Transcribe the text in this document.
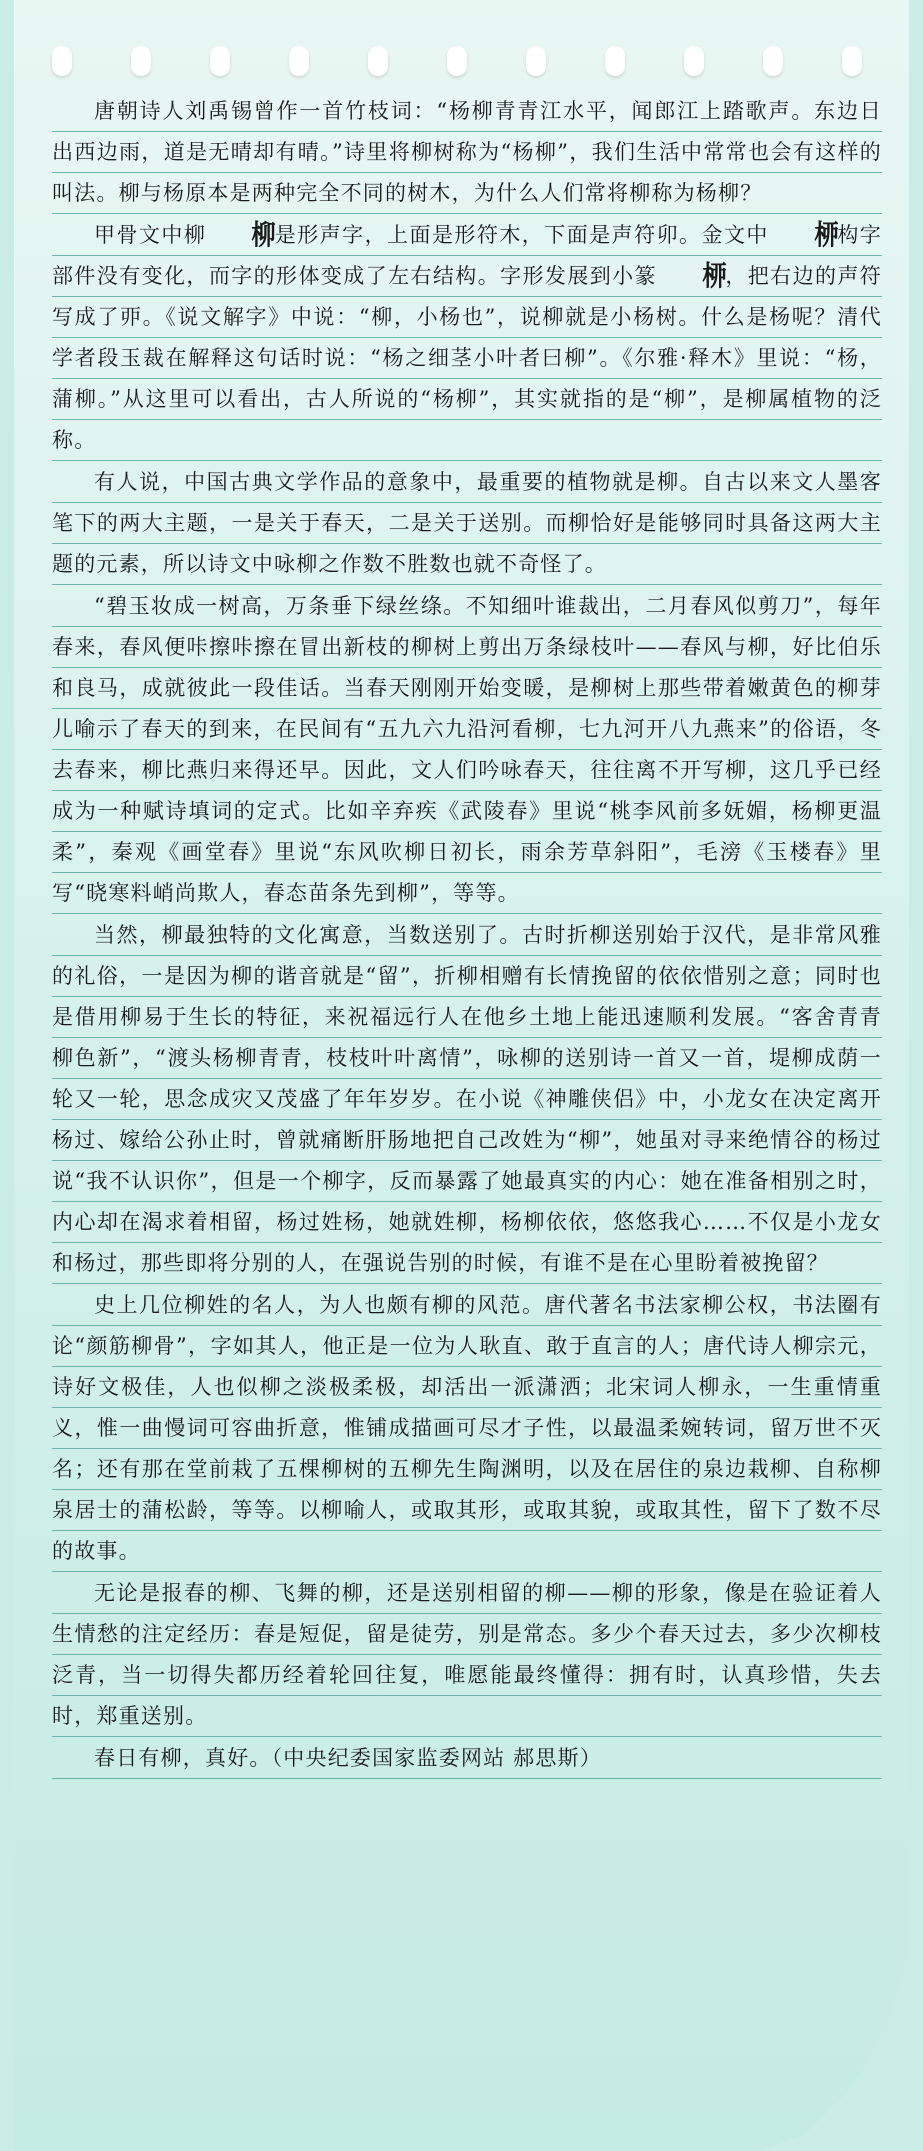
唐朝诗人刘禹锡曾作一首竹枝词：“杨柳青青江水平，闻郎江上踏歌声。东边日出西边雨，道是无晴却有晴。”诗里将柳树称为“杨柳”，我们生活中常常也会有这样的叫法。柳与杨原本是两种完全不同的树木，为什么人们常将柳称为杨柳？

甲骨文中柳 柳是形声字，上面是形符木，下面是声符卯。金文中 桺构字部件没有变化，而字的形体变成了左右结构。字形发展到小篆 桺，把右边的声符写成了丣。《说文解字》中说：“柳，小杨也”，说柳就是小杨树。什么是杨呢？清代学者段玉裁在解释这句话时说：“杨之细茎小叶者曰柳”。《尔雅·释木》里说：“杨，蒲柳。”从这里可以看出，古人所说的“杨柳”，其实就指的是“柳”，是柳属植物的泛称。

有人说，中国古典文学作品的意象中，最重要的植物就是柳。自古以来文人墨客笔下的两大主题，一是关于春天，二是关于送别。而柳恰好是能够同时具备这两大主题的元素，所以诗文中咏柳之作数不胜数也就不奇怪了。

“碧玉妆成一树高，万条垂下绿丝绦。不知细叶谁裁出，二月春风似剪刀”，每年春来，春风便咔擦咔擦在冒出新枝的柳树上剪出万条绿枝叶——春风与柳，好比伯乐和良马，成就彼此一段佳话。当春天刚刚开始变暖，是柳树上那些带着嫩黄色的柳芽儿喻示了春天的到来，在民间有“五九六九沿河看柳，七九河开八九燕来”的俗语，冬去春来，柳比燕归来得还早。因此，文人们吟咏春天，往往离不开写柳，这几乎已经成为一种赋诗填词的定式。比如辛弃疾《武陵春》里说“桃李风前多妩媚，杨柳更温柔”，秦观《画堂春》里说“东风吹柳日初长，雨余芳草斜阳”，毛滂《玉楼春》里写“晓寒料峭尚欺人，春态苗条先到柳”，等等。

当然，柳最独特的文化寓意，当数送别了。古时折柳送别始于汉代，是非常风雅的礼俗，一是因为柳的谐音就是“留”，折柳相赠有长情挽留的依依惜别之意；同时也是借用柳易于生长的特征，来祝福远行人在他乡土地上能迅速顺利发展。“客舍青青柳色新”，“渡头杨柳青青，枝枝叶叶离情”，咏柳的送别诗一首又一首，堤柳成荫一轮又一轮，思念成灾又茂盛了年年岁岁。在小说《神雕侠侣》中，小龙女在决定离开杨过、嫁给公孙止时，曾就痛断肝肠地把自己改姓为“柳”，她虽对寻来绝情谷的杨过说“我不认识你”，但是一个柳字，反而暴露了她最真实的内心：她在准备相别之时，内心却在渴求着相留，杨过姓杨，她就姓柳，杨柳依依，悠悠我心……不仅是小龙女和杨过，那些即将分别的人，在强说告别的时候，有谁不是在心里盼着被挽留？

史上几位柳姓的名人，为人也颇有柳的风范。唐代著名书法家柳公权，书法圈有论“颜筋柳骨”，字如其人，他正是一位为人耿直、敢于直言的人；唐代诗人柳宗元，诗好文极佳，人也似柳之淡极柔极，却活出一派潇洒；北宋词人柳永，一生重情重义，惟一曲慢词可容曲折意，惟铺成描画可尽才子性，以最温柔婉转词，留万世不灭名；还有那在堂前栽了五棵柳树的五柳先生陶渊明，以及在居住的泉边栽柳、自称柳泉居士的蒲松龄，等等。以柳喻人，或取其形，或取其貌，或取其性，留下了数不尽的故事。

无论是报春的柳、飞舞的柳，还是送别相留的柳——柳的形象，像是在验证着人生情愁的注定经历：春是短促，留是徒劳，别是常态。多少个春天过去，多少次柳枝泛青，当一切得失都历经着轮回往复，唯愿能最终懂得：拥有时，认真珍惜，失去时，郑重送别。

春日有柳，真好。（中央纪委国家监委网站 郝思斯）
